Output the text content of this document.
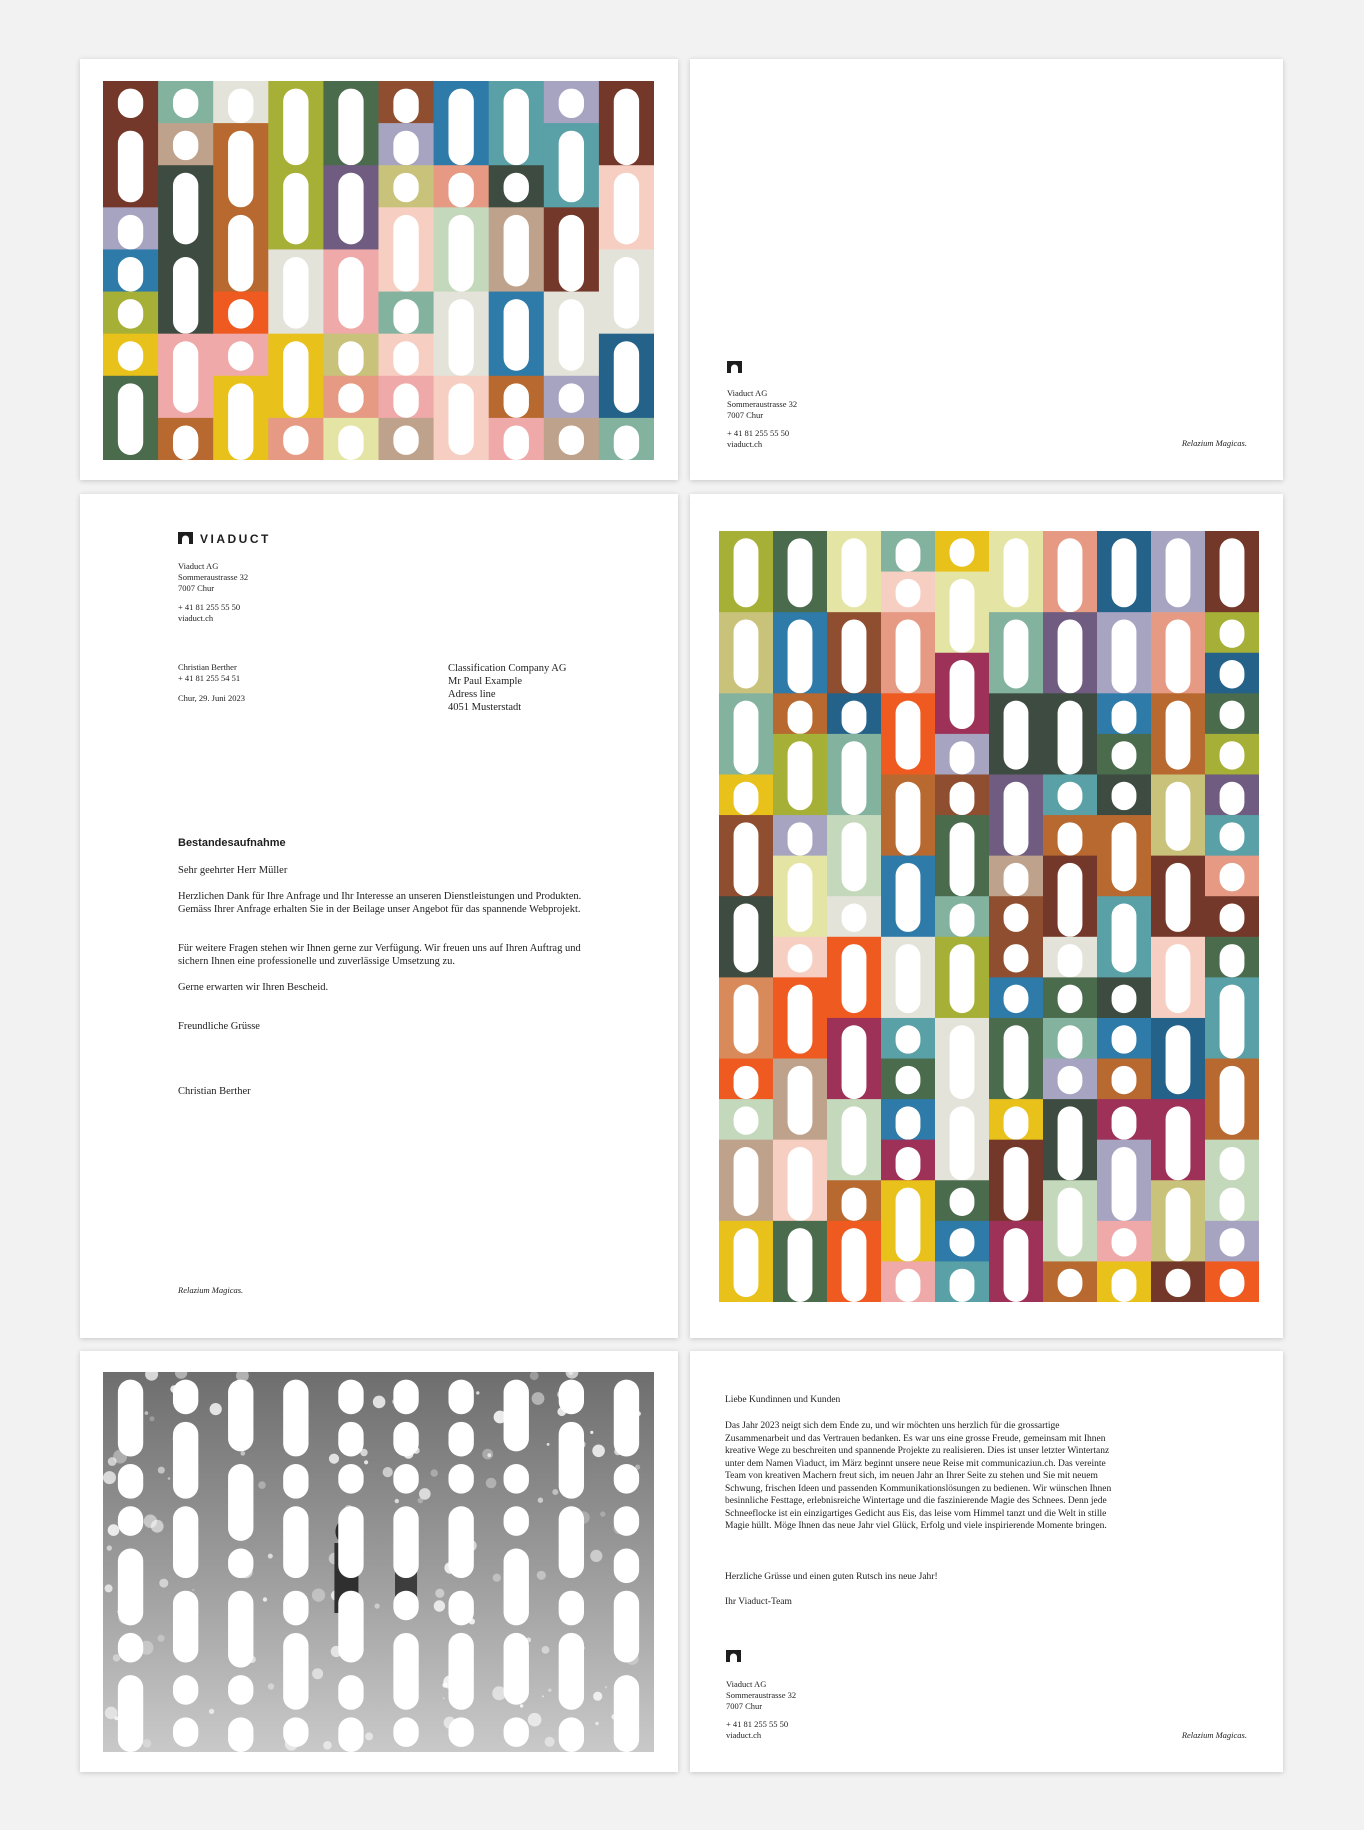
Viaduct AG

Sommeraustrasse 32

7007 Chur

+ 41 81 255 55 50

viaduct.ch	Relazium Magicas.

VIADUCT

Viaduct AG

Sommeraustrasse 32

7007 Chur

+ 41 81 255 55 50

viaduct.ch

Christian Berther

+ 41 81 255 54 51

Chur, 29. Juni 2023

Classification Company AG

Mr Paul Example

Adress line

4051 Musterstadt

Bestandesaufnahme

Sehr geehrter Herr Müller

Herzlichen Dank für Ihre Anfrage und Ihr Interesse an unseren Dienstleistungen und Produkten. Gemäss Ihrer Anfrage erhalten Sie in der Beilage unser Angebot für das spannende Webprojekt.

Für weitere Fragen stehen wir Ihnen gerne zur Verfügung. Wir freuen uns auf Ihren Auftrag und sichern Ihnen eine professionelle und zuverlässige Umsetzung zu.

Gerne erwarten wir Ihren Bescheid.

Freundliche Grüsse

Christian Berther

Relazium Magicas.

Liebe Kundinnen und Kunden

Das Jahr 2023 neigt sich dem Ende zu, und wir möchten uns herzlich für die grossartige Zusammenarbeit und das Vertrauen bedanken. Es war uns eine grosse Freude, gemeinsam mit Ihnen kreative Wege zu beschreiten und spannende Projekte zu realisieren. Dies ist unser letzter Wintertanz unter dem Namen Viaduct, im März beginnt unsere neue Reise mit communicaziun.ch. Das vereinte Team von kreativen Machern freut sich, im neuen Jahr an Ihrer Seite zu stehen und Sie mit neuem Schwung, frischen Ideen und passenden Kommunikationslösungen zu bedienen. Wir wünschen Ihnen besinnliche Festtage, erlebnisreiche Wintertage und die faszinierende Magie des Schnees. Denn jede Schneeflocke ist ein einzigartiges Gedicht aus Eis, das leise vom Himmel tanzt und die Welt in stille Magie hüllt. Möge Ihnen das neue Jahr viel Glück, Erfolg und viele inspirierende Momente bringen.

Herzliche Grüsse und einen guten Rutsch ins neue Jahr!

Ihr Viaduct-Team

Viaduct AG

Sommeraustrasse 32

7007 Chur

+ 41 81 255 55 50

viaduct.ch	Relazium Magicas.
